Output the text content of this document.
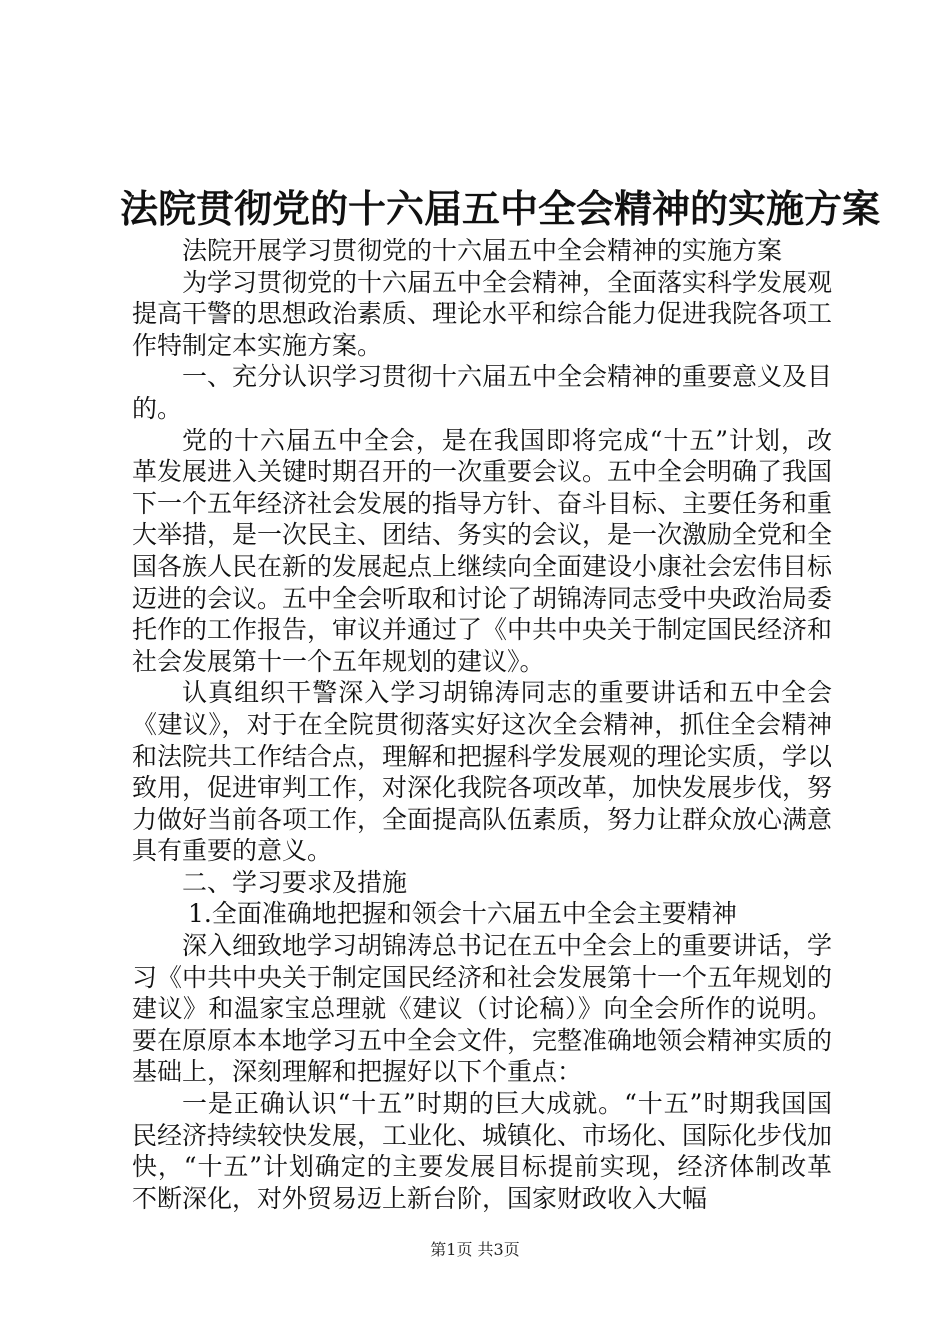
法院贯彻党的十六届五中全会精神的实施方案

法院开展学习贯彻党的十六届五中全会精神的实施方案

为学习贯彻党的十六届五中全会精神，全面落实科学发展观提高干警的思想政治素质、理论水平和综合能力促进我院各项工作特制定本实施方案。

一、充分认识学习贯彻十六届五中全会精神的重要意义及目的。

党的十六届五中全会，是在我国即将完成“十五”计划，改革发展进入关键时期召开的一次重要会议。五中全会明确了我国下一个五年经济社会发展的指导方针、奋斗目标、主要任务和重大举措，是一次民主、团结、务实的会议，是一次激励全党和全国各族人民在新的发展起点上继续向全面建设小康社会宏伟目标迈进的会议。五中全会听取和讨论了胡锦涛同志受中央政治局委托作的工作报告，审议并通过了《中共中央关于制定国民经济和社会发展第十一个五年规划的建议》。

认真组织干警深入学习胡锦涛同志的重要讲话和五中全会《建议》，对于在全院贯彻落实好这次全会精神，抓住全会精神和法院共工作结合点，理解和把握科学发展观的理论实质，学以致用，促进审判工作，对深化我院各项改革，加快发展步伐，努力做好当前各项工作，全面提高队伍素质，努力让群众放心满意具有重要的意义。

二、学习要求及措施

1.全面准确地把握和领会十六届五中全会主要精神

深入细致地学习胡锦涛总书记在五中全会上的重要讲话，学习《中共中央关于制定国民经济和社会发展第十一个五年规划的建议》和温家宝总理就《建议（讨论稿）》向全会所作的说明。要在原原本本地学习五中全会文件，完整准确地领会精神实质的基础上，深刻理解和把握好以下个重点：

一是正确认识“十五”时期的巨大成就。“十五”时期我国国民经济持续较快发展，工业化、城镇化、市场化、国际化步伐加快，“十五”计划确定的主要发展目标提前实现，经济体制改革不断深化，对外贸易迈上新台阶，国家财政收入大幅

第1页 共3页
